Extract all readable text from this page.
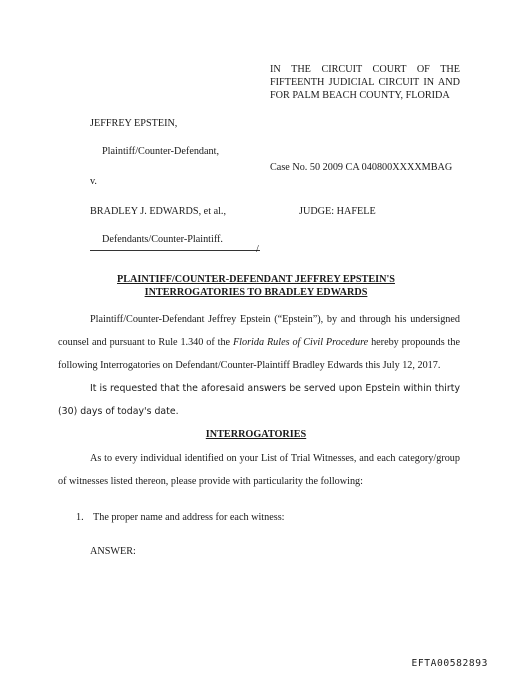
IN THE CIRCUIT COURT OF THE
FIFTEENTH JUDICIAL CIRCUIT IN AND
FOR PALM BEACH COUNTY, FLORIDA
JEFFREY EPSTEIN,
Plaintiff/Counter-Defendant,
Case No. 50 2009 CA 040800XXXXMBAG
v.
BRADLEY J. EDWARDS, et al.,	JUDGE: HAFELE
Defendants/Counter-Plaintiff.
/
PLAINTIFF/COUNTER-DEFENDANT JEFFREY EPSTEIN'S
INTERROGATORIES TO BRADLEY EDWARDS
Plaintiff/Counter-Defendant Jeffrey Epstein (“Epstein”), by and through his undersigned counsel and pursuant to Rule 1.340 of the Florida Rules of Civil Procedure hereby propounds the following Interrogatories on Defendant/Counter-Plaintiff Bradley Edwards this July 12, 2017.
It is requested that the aforesaid answers be served upon Epstein within thirty (30) days of today's date.
INTERROGATORIES
As to every individual identified on your List of Trial Witnesses, and each category/group of witnesses listed thereon, please provide with particularity the following:
1. The proper name and address for each witness:
ANSWER:
EFTA00582893
